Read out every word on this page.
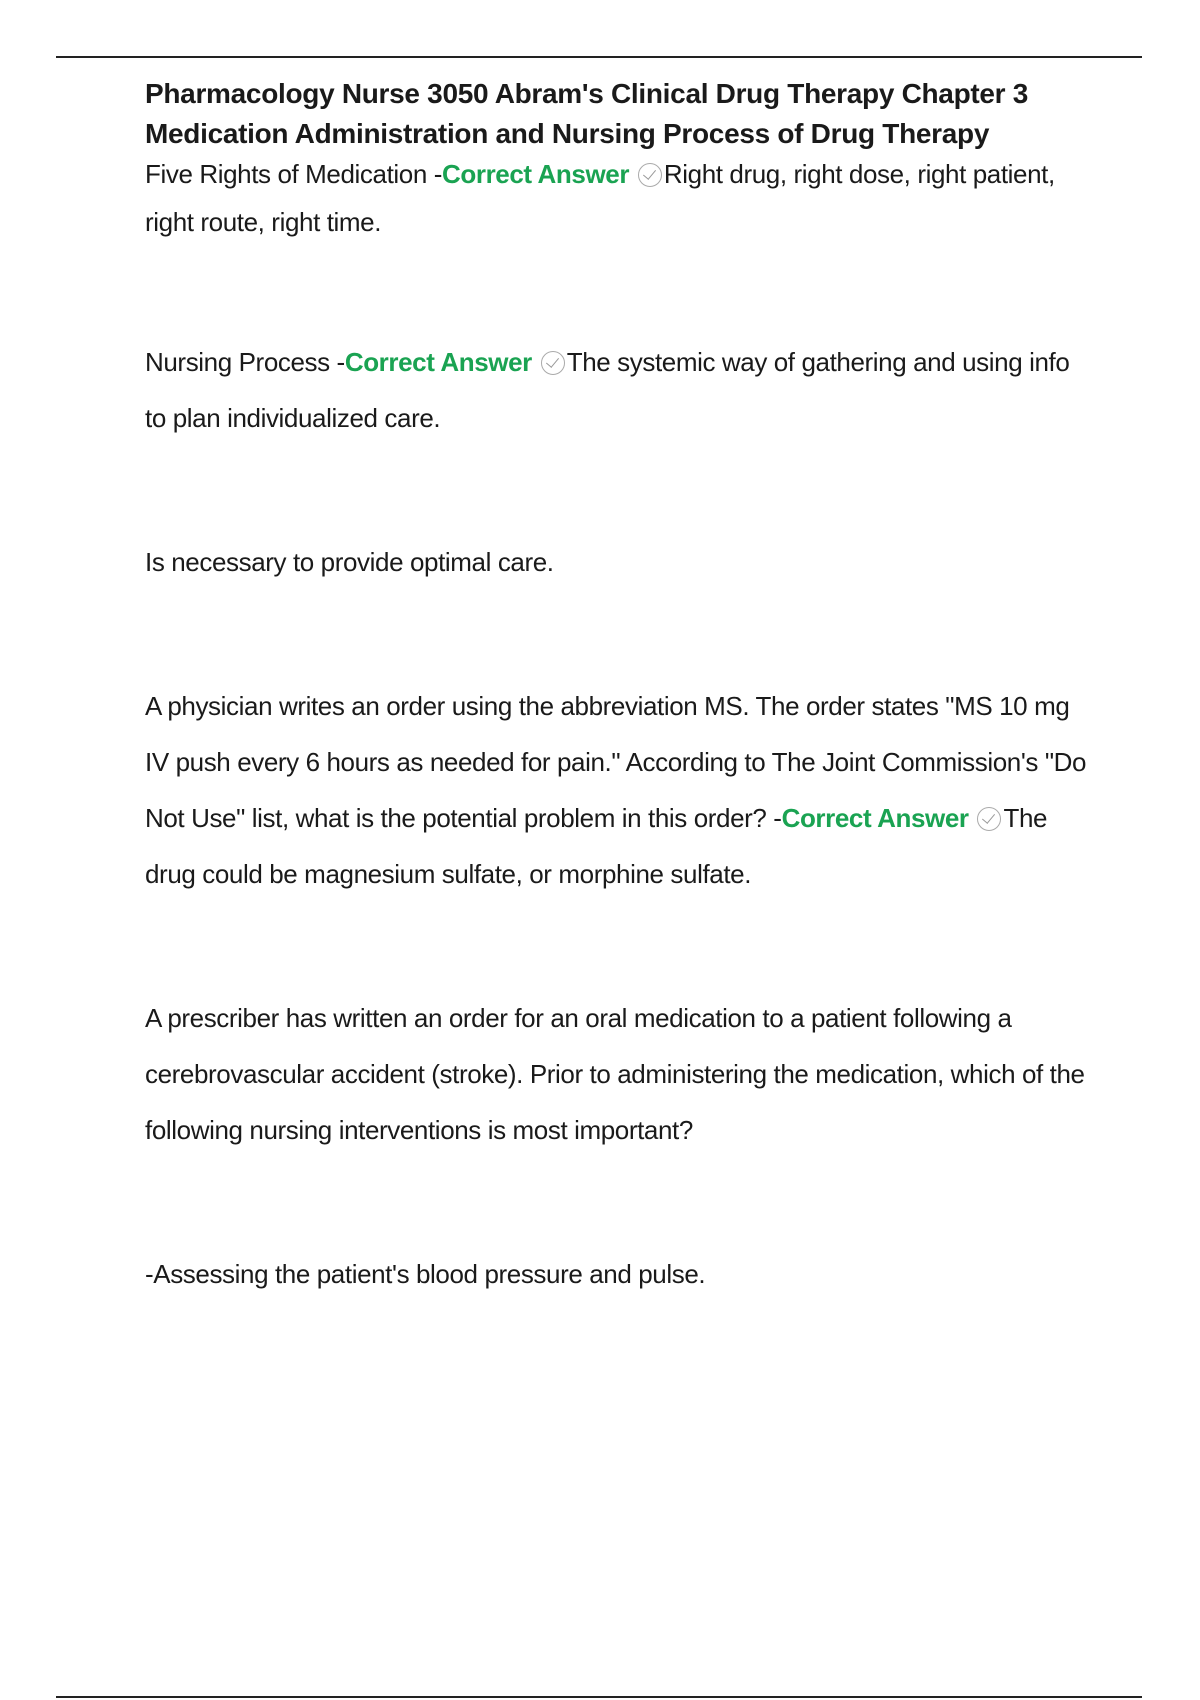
Pharmacology Nurse 3050 Abram's Clinical Drug Therapy Chapter 3 Medication Administration and Nursing Process of Drug Therapy

Five Rights of Medication -Correct Answer Right drug, right dose, right patient, right route, right time.

Nursing Process -Correct Answer The systemic way of gathering and using info to plan individualized care.

Is necessary to provide optimal care.

A physician writes an order using the abbreviation MS. The order states "MS 10 mg IV push every 6 hours as needed for pain." According to The Joint Commission's "Do Not Use" list, what is the potential problem in this order? -Correct Answer The drug could be magnesium sulfate, or morphine sulfate.

A prescriber has written an order for an oral medication to a patient following a cerebrovascular accident (stroke). Prior to administering the medication, which of the following nursing interventions is most important?

-Assessing the patient's blood pressure and pulse.
